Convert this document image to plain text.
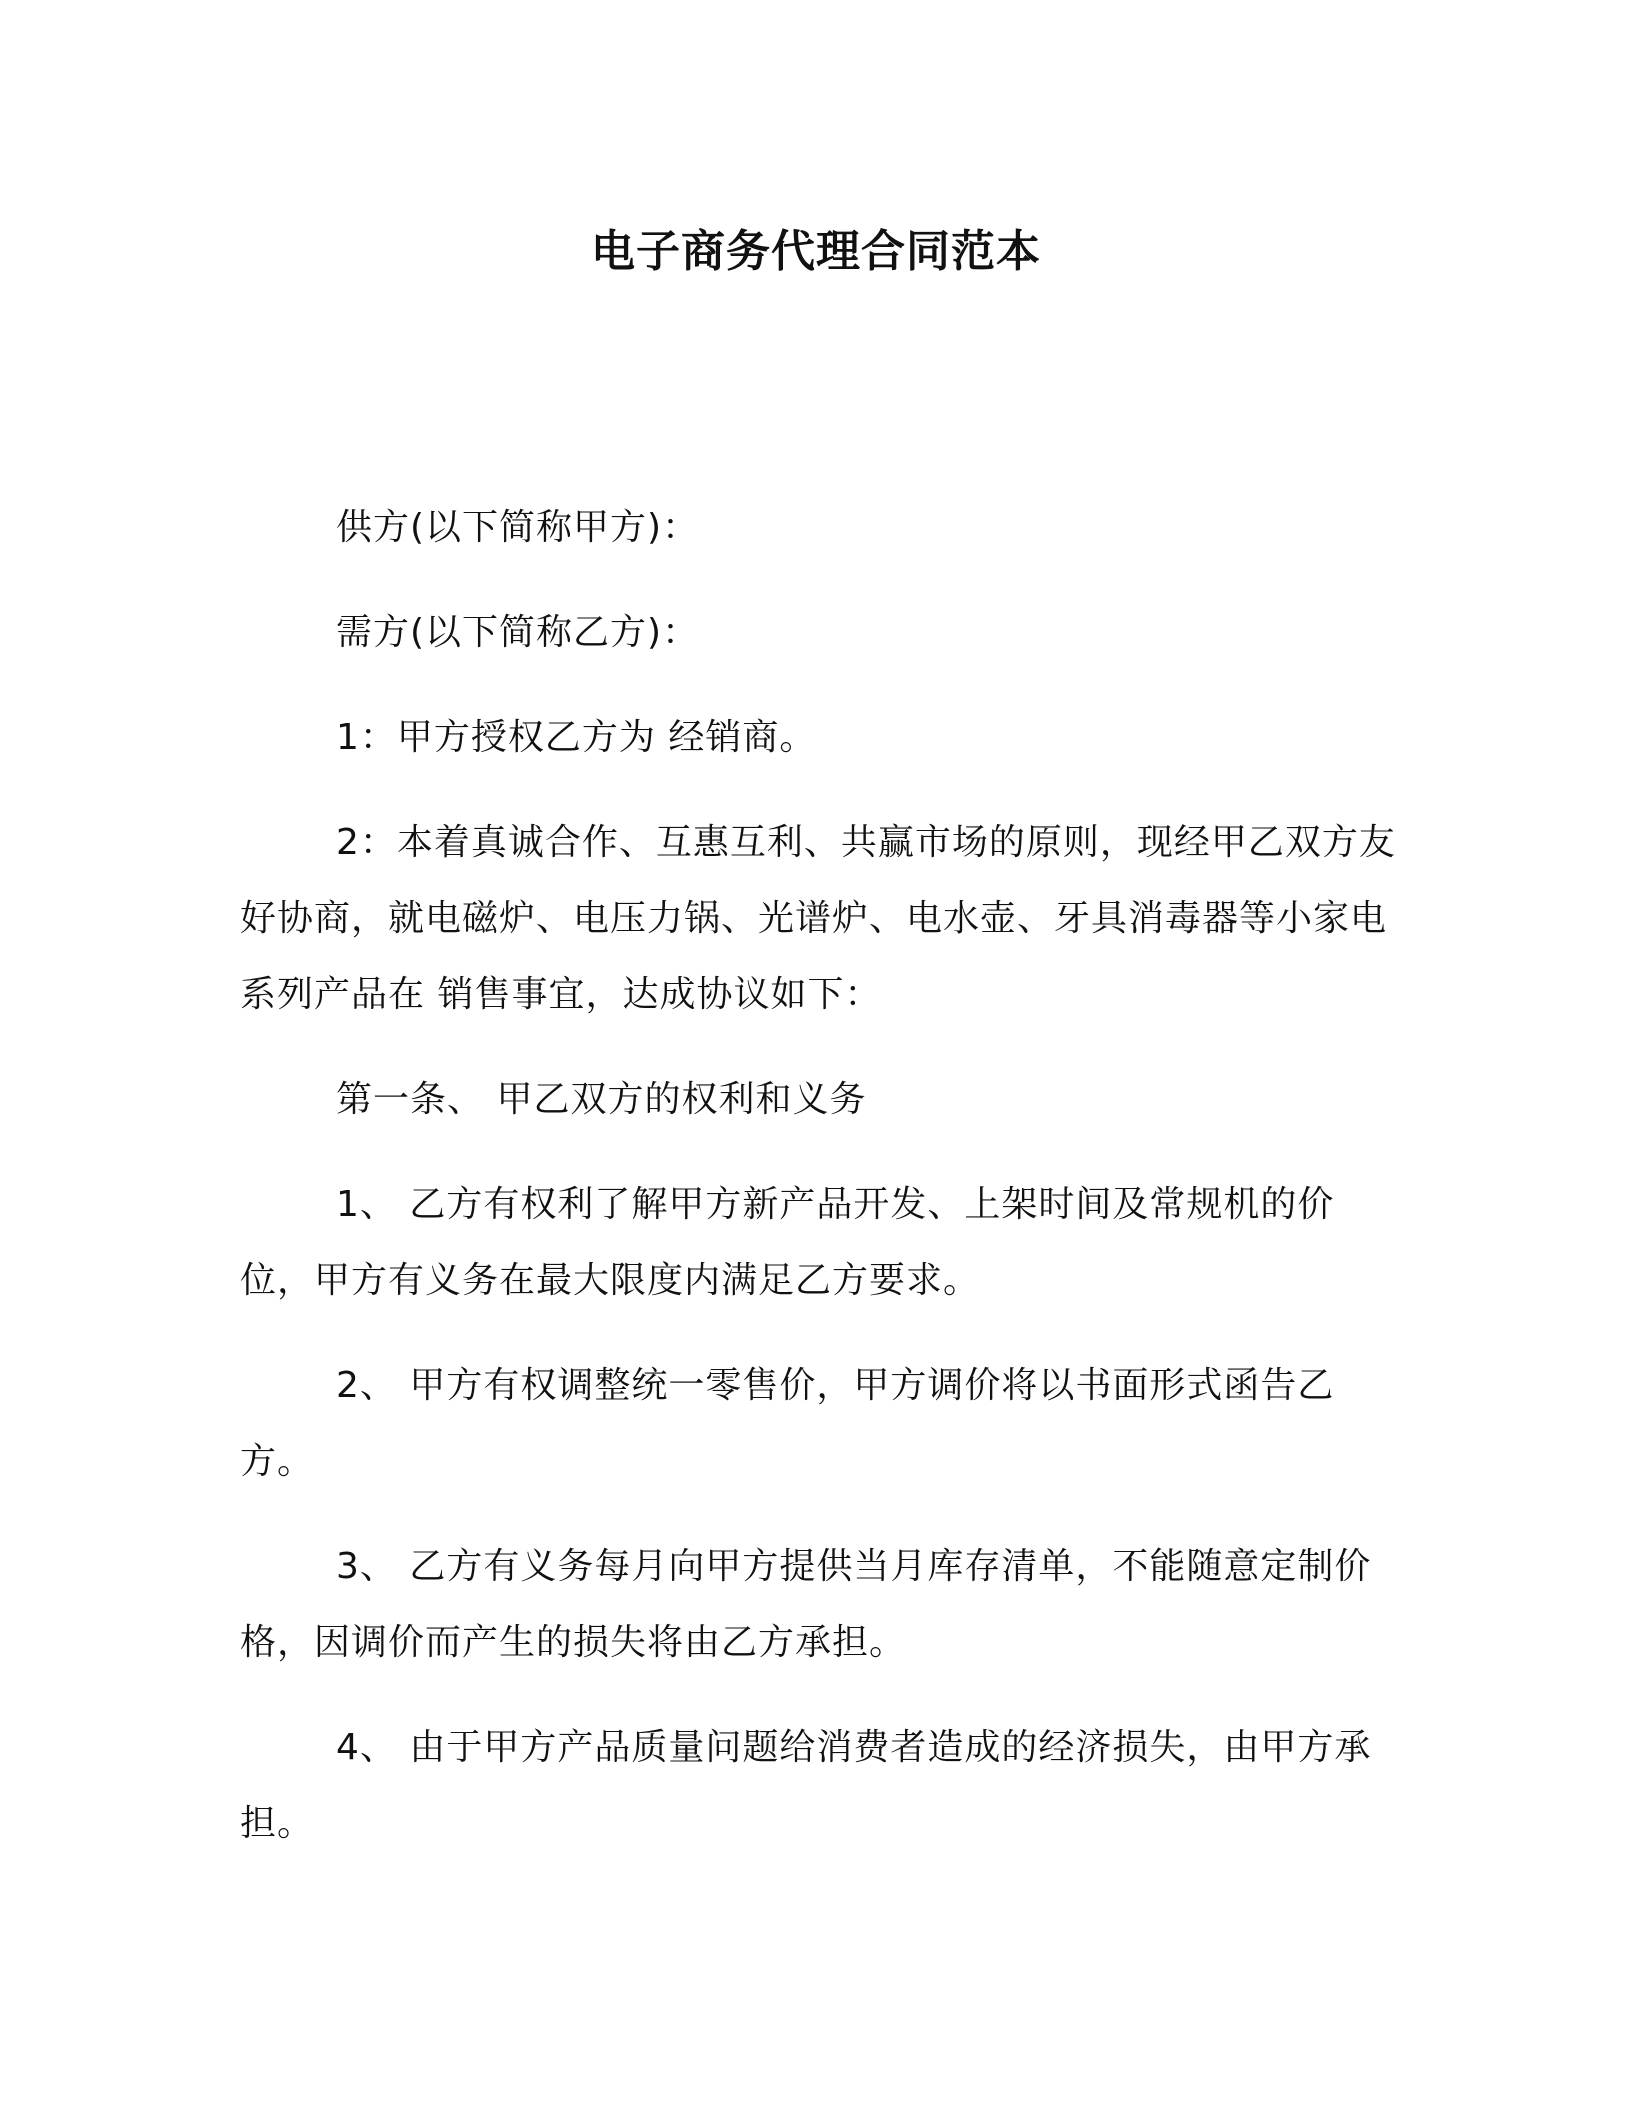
电子商务代理合同范本

供方(以下简称甲方)：

需方(以下简称乙方)：

1：甲方授权乙方为 经销商。

2：本着真诚合作、互惠互利、共赢市场的原则，现经甲乙双方友好协商，就电磁炉、电压力锅、光谱炉、电水壶、牙具消毒器等小家电系列产品在 销售事宜，达成协议如下：

第一条、 甲乙双方的权利和义务

1、 乙方有权利了解甲方新产品开发、上架时间及常规机的价位，甲方有义务在最大限度内满足乙方要求。

2、 甲方有权调整统一零售价，甲方调价将以书面形式函告乙方。

3、 乙方有义务每月向甲方提供当月库存清单，不能随意定制价格，因调价而产生的损失将由乙方承担。

4、 由于甲方产品质量问题给消费者造成的经济损失，由甲方承担。
